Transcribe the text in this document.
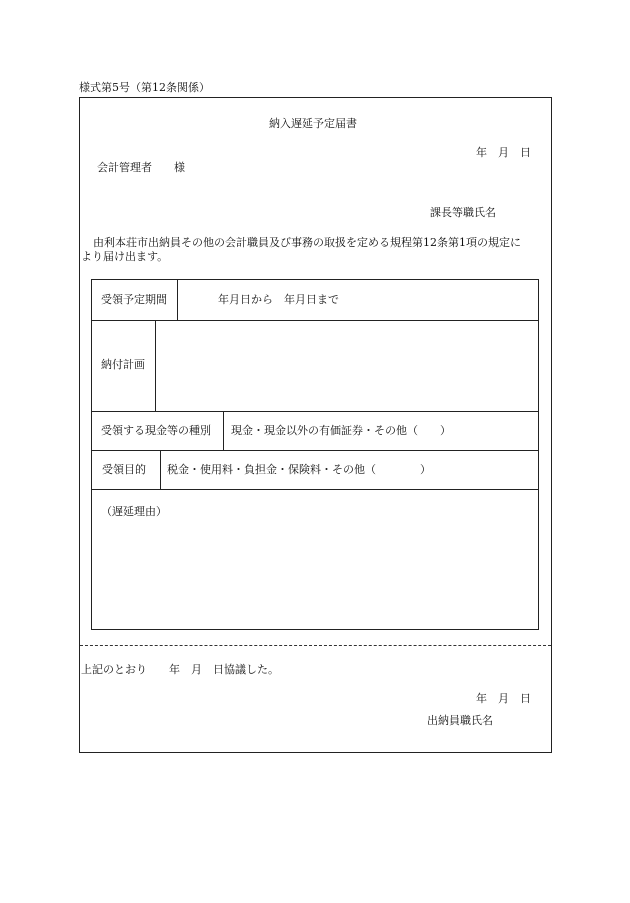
様式第5号（第12条関係）
納入遅延予定届書
年　月　日
会計管理者　　様
課長等職氏名
由利本荘市出納員その他の会計職員及び事務の取扱を定める規程第12条第1項の規定に
より届け出ます。
受領予定期間	年月日から　年月日まで
納付計画
受領する現金等の種別 現金・現金以外の有価証券・その他（　　）
受領目的 税金・使用料・負担金・保険料・その他（　　　　）
（遅延理由）
上記のとおり　　年　月　日協議した。
年　月　日
出納員職氏名
